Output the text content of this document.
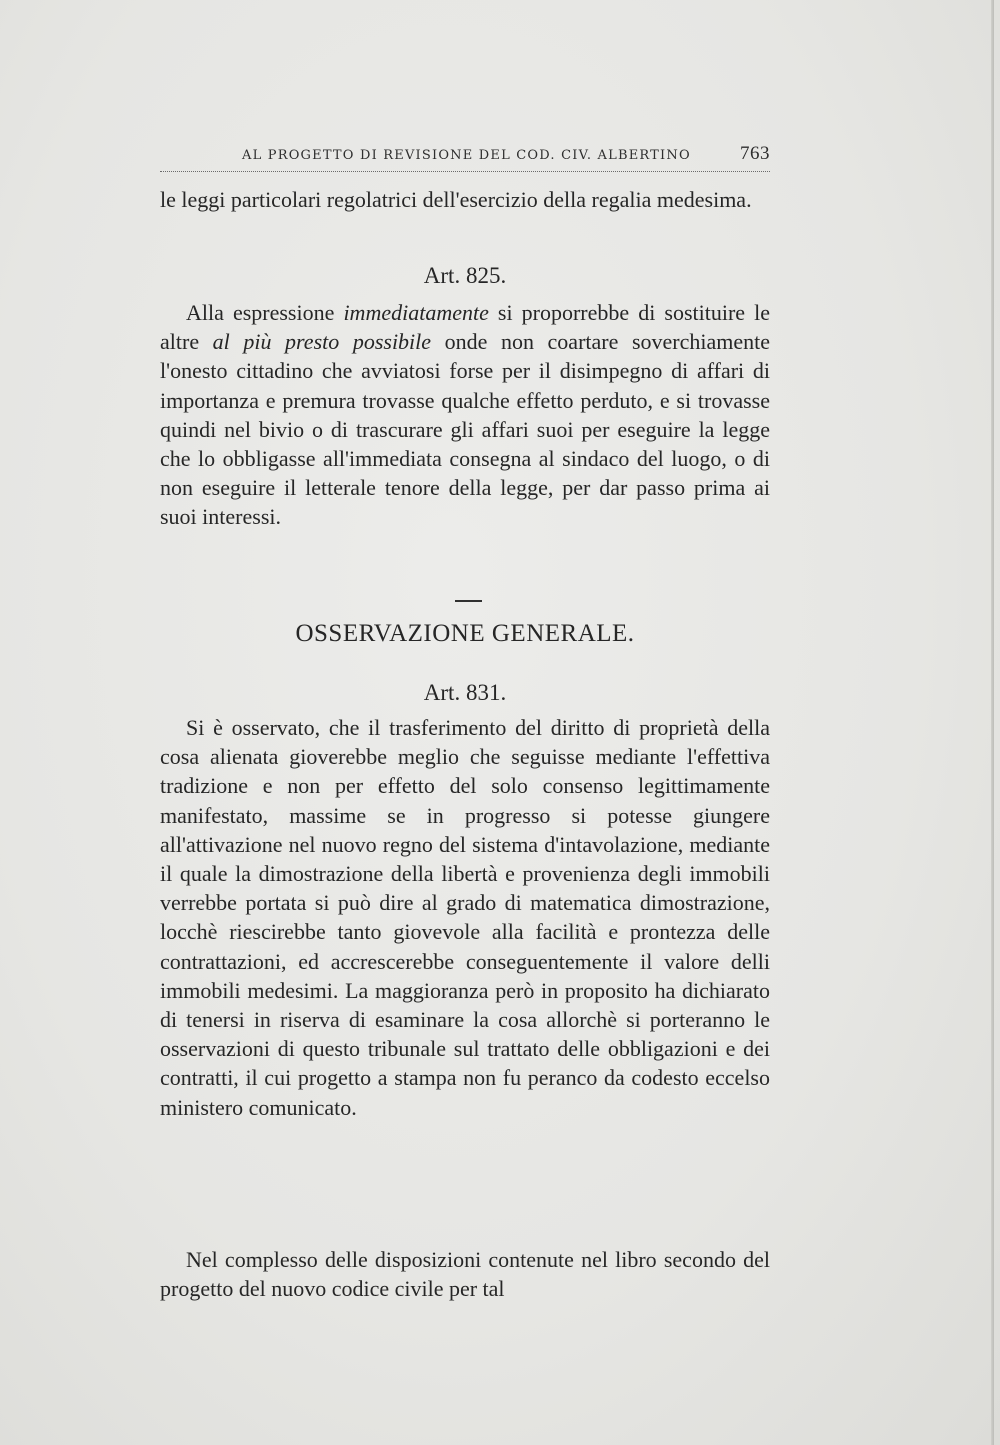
AL PROGETTO DI REVISIONE DEL COD. CIV. ALBERTINO	763

le leggi particolari regolatrici dell'esercizio della regalia medesima.

Art. 825.

Alla espressione immediatamente si proporrebbe di sostituire le altre al più presto possibile onde non coartare soverchiamente l'onesto cittadino che avviatosi forse per il disimpegno di affari di importanza e premura trovasse qualche effetto perduto, e si trovasse quindi nel bivio o di trascurare gli affari suoi per eseguire la legge che lo obbligasse all'immediata consegna al sindaco del luogo, o di non eseguire il letterale tenore della legge, per dar passo prima ai suoi interessi.

OSSERVAZIONE GENERALE.
Art. 831.

Si è osservato, che il trasferimento del diritto di proprietà della cosa alienata gioverebbe meglio che seguisse mediante l'effettiva tradizione e non per effetto del solo consenso legittimamente manifestato, massime se in progresso si potesse giungere all'attivazione nel nuovo regno del sistema d'intavolazione, mediante il quale la dimostrazione della libertà e provenienza degli immobili verrebbe portata si può dire al grado di matematica dimostrazione, locchè riescirebbe tanto giovevole alla facilità e prontezza delle contrattazioni, ed accrescerebbe conseguentemente il valore delli immobili medesimi. La maggioranza però in proposito ha dichiarato di tenersi in riserva di esaminare la cosa allorchè si porteranno le osservazioni di questo tribunale sul trattato delle obbligazioni e dei contratti, il cui progetto a stampa non fu peranco da codesto eccelso ministero comunicato.

Nel complesso delle disposizioni contenute nel libro secondo del progetto del nuovo codice civile per tal
